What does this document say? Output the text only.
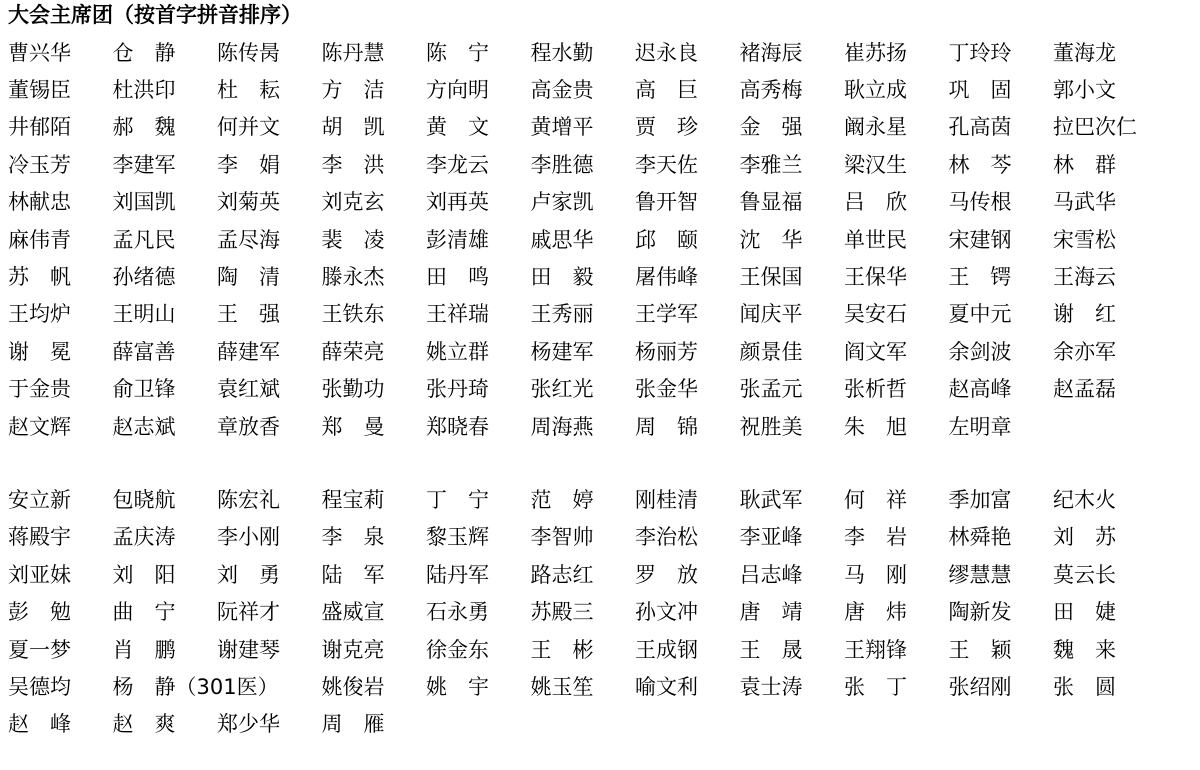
大会主席团（按首字拼音排序）
曹兴华	仓　静	陈传昺	陈丹慧	陈　宁	程水勤	迟永良	褚海辰	崔苏扬	丁玲玲	董海龙
董锡臣	杜洪印	杜　耘	方　洁	方向明	高金贵	高　巨	高秀梅	耿立成	巩　固	郭小文
井郁陌	郝　魏	何并文	胡　凯	黄　文	黄增平	贾　珍	金　强	阚永星	孔高茵	拉巴次仁
冷玉芳	李建军	李　娟	李　洪	李龙云	李胜德	李天佐	李雅兰	梁汉生	林　芩	林　群
林献忠	刘国凯	刘菊英	刘克玄	刘再英	卢家凯	鲁开智	鲁显福	吕　欣	马传根	马武华
麻伟青	孟凡民	孟尽海	裴　凌	彭清雄	戚思华	邱　颐	沈　华	单世民	宋建钢	宋雪松
苏　帆	孙绪德	陶　清	滕永杰	田　鸣	田　毅	屠伟峰	王保国	王保华	王　锷	王海云
王均炉	王明山	王　强	王铁东	王祥瑞	王秀丽	王学军	闻庆平	吴安石	夏中元	谢　红
谢　冕	薛富善	薛建军	薛荣亮	姚立群	杨建军	杨丽芳	颜景佳	阎文军	余剑波	余亦军
于金贵	俞卫锋	袁红斌	张勤功	张丹琦	张红光	张金华	张孟元	张析哲	赵高峰	赵孟磊
赵文辉	赵志斌	章放香	郑　曼	郑晓春	周海燕	周　锦	祝胜美	朱　旭	左明章
安立新	包晓航	陈宏礼	程宝莉	丁　宁	范　婷	刚桂清	耿武军	何　祥	季加富	纪木火
蒋殿宇	孟庆涛	李小刚	李　泉	黎玉辉	李智帅	李治松	李亚峰	李　岩	林舜艳	刘　苏
刘亚妹	刘　阳	刘　勇	陆　军	陆丹军	路志红	罗　放	吕志峰	马　刚	缪慧慧	莫云长
彭　勉	曲　宁	阮祥才	盛威宣	石永勇	苏殿三	孙文冲	唐　靖	唐　炜	陶新发	田　婕
夏一梦	肖　鹏	谢建琴	谢克亮	徐金东	王　彬	王成钢	王　晟	王翔锋	王　颖	魏　来
吴德均	杨　静（301医）	姚俊岩	姚　宇	姚玉笙	喻文利	袁士涛	张　丁	张绍刚	张　圆
赵　峰	赵　爽	郑少华	周　雁
